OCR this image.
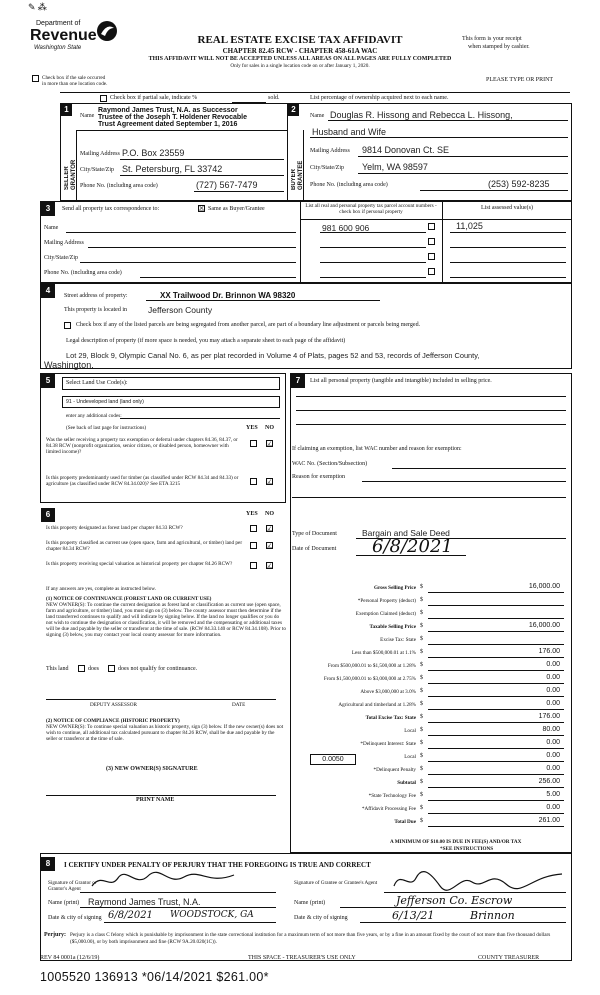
Department of
Revenue
Washington State
✎ ⁂
REAL ESTATE EXCISE TAX AFFIDAVIT
CHAPTER 82.45 RCW - CHAPTER 458-61A WAC
THIS AFFIDAVIT WILL NOT BE ACCEPTED UNLESS ALL AREAS ON ALL PAGES ARE FULLY COMPLETED
Only for sales in a single location code on or after January 1, 2020.
This form is your receipt
when stamped by cashier.
PLEASE TYPE OR PRINT
Check box if the sale occurred
in more than one location code.
Check box if partial sale, indicate %	sold.	List percentage of ownership acquired next to each name.
1
SELLER GRANTOR
Name
Raymond James Trust, N.A. as Successor
Trustee of the Joseph T. Holdener Revocable
Trust Agreement dated September 1, 2016
Mailing Address P.O. Box 23559
City/State/Zip St. Petersburg, FL 33742
Phone No. (including area code)	(727) 567-7479
2
BUYER GRANTEE
Name Douglas R. Hissong and Rebecca L. Hissong,
Husband and Wife
Mailing Address 9814 Donovan Ct. SE
City/State/Zip Yelm, WA 98597
Phone No. (including area code)	(253) 592-8235
3	Send all property tax correspondence to:	☒ Same as Buyer/Grantee	List all real and personal property tax parcel account numbers - check box if personal property
List assessed value(s)
Name
Mailing Address
City/State/Zip
Phone No. (including area code)
981 600 906	11,025
4
Street address of property:	XX Trailwood Dr. Brinnon WA 98320
This property is located in Jefferson County
Check box if any of the listed parcels are being segregated from another parcel, are part of a boundary line adjustment or parcels being merged.
Legal description of property (if more space is needed, you may attach a separate sheet to each page of the affidavit)
Lot 29, Block 9, Olympic Canal No. 6, as per plat recorded in Volume 4 of Plats, pages 52 and 53, records of Jefferson County,
Washington.
5	Select Land Use Code(s):
91 - Undeveloped land (land only)
enter any additional codes:
(See back of last page for instructions)	YES NO
Was the seller receiving a property tax exemption or deferral under chapters 84.36, 84.37, or 84.38 RCW (nonprofit organization, senior citizen, or disabled person, homeowner with limited income)?
☑
Is this property predominantly used for timber (as classified under RCW 84.34 and 84.33) or agriculture (as classified under RCW 84.34.020)? See ETA 3215	☑
6	YES NO
Is this property designated as forest land per chapter 84.33 RCW?	☑
Is this property classified as current use (open space, farm and agricultural, or timber) land per chapter 84.34 RCW?	☑
Is this property receiving special valuation as historical property per chapter 84.26 RCW?	☑
If any answers are yes, complete as instructed below.
(1) NOTICE OF CONTINUANCE (FOREST LAND OR CURRENT USE)
NEW OWNER(S): To continue the current designation as forest land or classification as current use (open space, farm and agriculture, or timber) land, you must sign on (3) below. The county assessor must then determine if the land transferred continues to qualify and will indicate by signing below. If the land no longer qualifies or you do not wish to continue the designation or classification, it will be removed and the compensating or additional taxes will be due and payable by the seller or transferor at the time of sale. (RCW 84.33.140 or RCW 84.34.108). Prior to signing (3) below, you may contact your local county assessor for more information.
This land	does	does not qualify for continuance.
DEPUTY ASSESSOR	DATE
(2) NOTICE OF COMPLIANCE (HISTORIC PROPERTY)
NEW OWNER(S): To continue special valuation as historic property, sign (3) below. If the new owner(s) does not wish to continue, all additional tax calculated pursuant to chapter 84.26 RCW, shall be due and payable by the seller or transferor at the time of sale.
(3) NEW OWNER(S) SIGNATURE
PRINT NAME
7	List all personal property (tangible and intangible) included in selling price.
If claiming an exemption, list WAC number and reason for exemption:
WAC No. (Section/Subsection)
Reason for exemption
Type of Document	Bargain and Sale Deed
Date of Document 6/8/2021
Gross Selling Price $	16,000.00
*Personal Property (deduct) $
Exemption Claimed (deduct) $
Taxable Selling Price $	16,000.00
Excise Tax: State $
Less than $500,000.01 at 1.1% $	176.00
From $500,000.01 to $1,500,000 at 1.28% $	0.00
From $1,500,000.01 to $3,000,000 at 2.75% $	0.00
Above $3,000,000 at 3.0% $	0.00
Agricultural and timberland at 1.28% $	0.00
Total Excise Tax: State $	176.00
Local $	80.00
*Delinquent Interest: State $	0.00
Local $	0.00
*Delinquent Penalty $	0.00
Subtotal $	256.00
*State Technology Fee $	5.00
*Affidavit Processing Fee $	0.00
Total Due $	261.00
0.0050
A MINIMUM OF $10.00 IS DUE IN FEE(S) AND/OR TAX
*SEE INSTRUCTIONS
8	I CERTIFY UNDER PENALTY OF PERJURY THAT THE FOREGOING IS TRUE AND CORRECT
Signature of Grantor or Grantor's Agent
Name (print) Raymond James Trust, N.A.
Date & city of signing 6/8/2021 WOODSTOCK, GA
Signature of Grantee or Grantee's Agent
Name (print)	Jefferson Co. Escrow
Date & city of signing	6/13/21	Brinnon
Perjury: Perjury is a class C felony which is punishable by imprisonment in the state correctional institution for a maximum term of not more than five years, or by a fine in an amount fixed by the court of not more than five thousand dollars ($5,000.00), or by both imprisonment and fine (RCW 9A.20.020(1C)).
REV 84 0001a (12/6/19)	THIS SPACE - TREASURER'S USE ONLY	COUNTY TREASURER
1005520 136913 *06/14/2021 $261.00*
